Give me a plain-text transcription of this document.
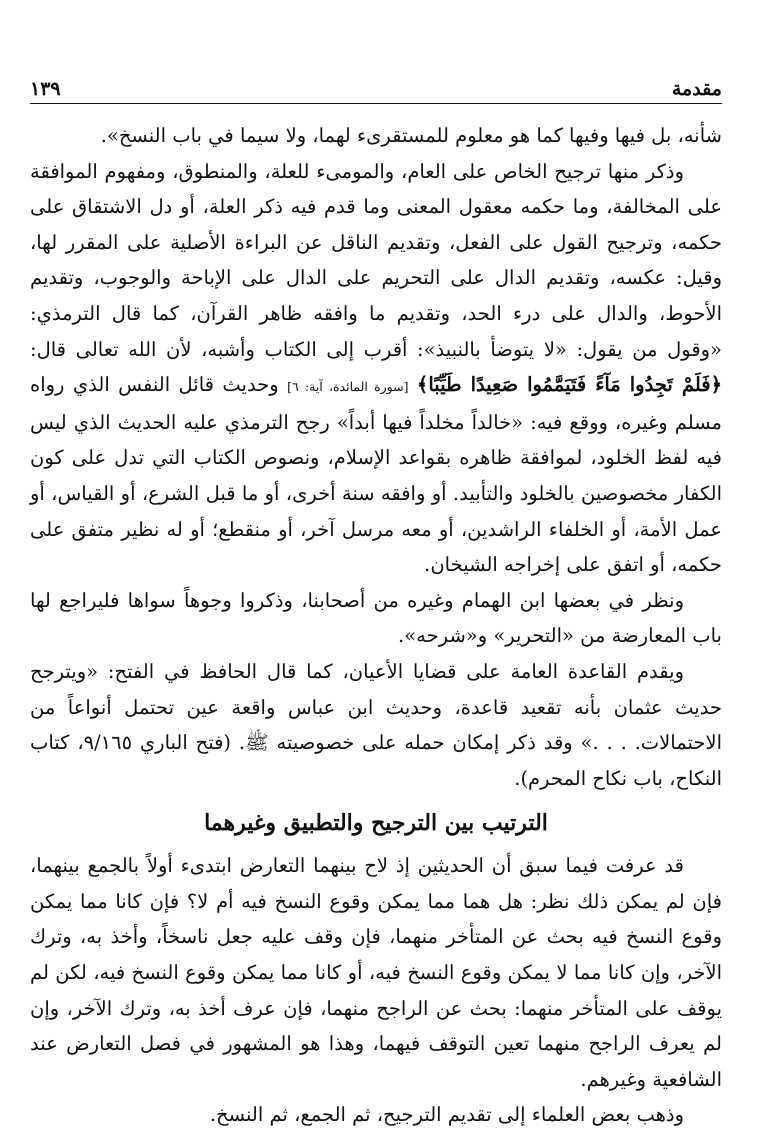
مقدمة
١٣٩

شأنه، بل فيها وفيها كما هو معلوم للمستقرىء لهما، ولا سيما في باب النسخ».

وذكر منها ترجيح الخاص على العام، والمومىء للعلة، والمنطوق، ومفهوم الموافقة على المخالفة، وما حكمه معقول المعنى وما قدم فيه ذكر العلة، أو دل الاشتقاق على حكمه، وترجيح القول على الفعل، وتقديم الناقل عن البراءة الأصلية على المقرر لها، وقيل: عكسه، وتقديم الدال على التحريم على الدال على الإباحة والوجوب، وتقديم الأحوط، والدال على درء الحد، وتقديم ما وافقه ظاهر القرآن، كما قال الترمذي: «وقول من يقول: «لا يتوضأ بالنبيذ»: أقرب إلى الكتاب وأشبه، لأن الله تعالى قال: ﴿فَلَمْ تَجِدُوا مَآءً فَتَيَمَّمُوا صَعِيدًا طَيِّبًا﴾ [سورة المائدة، آية: ٦] وحديث قائل النفس الذي رواه مسلم وغيره، ووقع فيه: «خالداً مخلداً فيها أبداً» رجح الترمذي عليه الحديث الذي ليس فيه لفظ الخلود، لموافقة ظاهره بقواعد الإسلام، ونصوص الكتاب التي تدل على كون الكفار مخصوصين بالخلود والتأبيد. أو وافقه سنة أخرى، أو ما قبل الشرع، أو القياس، أو عمل الأمة، أو الخلفاء الراشدين، أو معه مرسل آخر، أو منقطع؛ أو له نظير متفق على حكمه، أو اتفق على إخراجه الشيخان.

ونظر في بعضها ابن الهمام وغيره من أصحابنا، وذكروا وجوهاً سواها فليراجع لها باب المعارضة من «التحرير» و«شرحه».

ويقدم القاعدة العامة على قضايا الأعيان، كما قال الحافظ في الفتح: «ويترجح حديث عثمان بأنه تقعيد قاعدة، وحديث ابن عباس واقعة عين تحتمل أنواعاً من الاحتمالات. . . .» وقد ذكر إمكان حمله على خصوصيته ﷺ. (فتح الباري ٩/١٦٥، كتاب النكاح، باب نكاح المحرم).

الترتيب بين الترجيح والتطبيق وغيرهما

قد عرفت فيما سبق أن الحديثين إذ لاح بينهما التعارض ابتدىء أولاً بالجمع بينهما، فإن لم يمكن ذلك نظر: هل هما مما يمكن وقوع النسخ فيه أم لا؟ فإن كانا مما يمكن وقوع النسخ فيه بحث عن المتأخر منهما، فإن وقف عليه جعل ناسخاً، وأخذ به، وترك الآخر، وإن كانا مما لا يمكن وقوع النسخ فيه، أو كانا مما يمكن وقوع النسخ فيه، لكن لم يوقف على المتأخر منهما: بحث عن الراجح منهما، فإن عرف أخذ به، وترك الآخر، وإن لم يعرف الراجح منهما تعين التوقف فيهما، وهذا هو المشهور في فصل التعارض عند الشافعية وغيرهم.

وذهب بعض العلماء إلى تقديم الترجيح، ثم الجمع، ثم النسخ.
